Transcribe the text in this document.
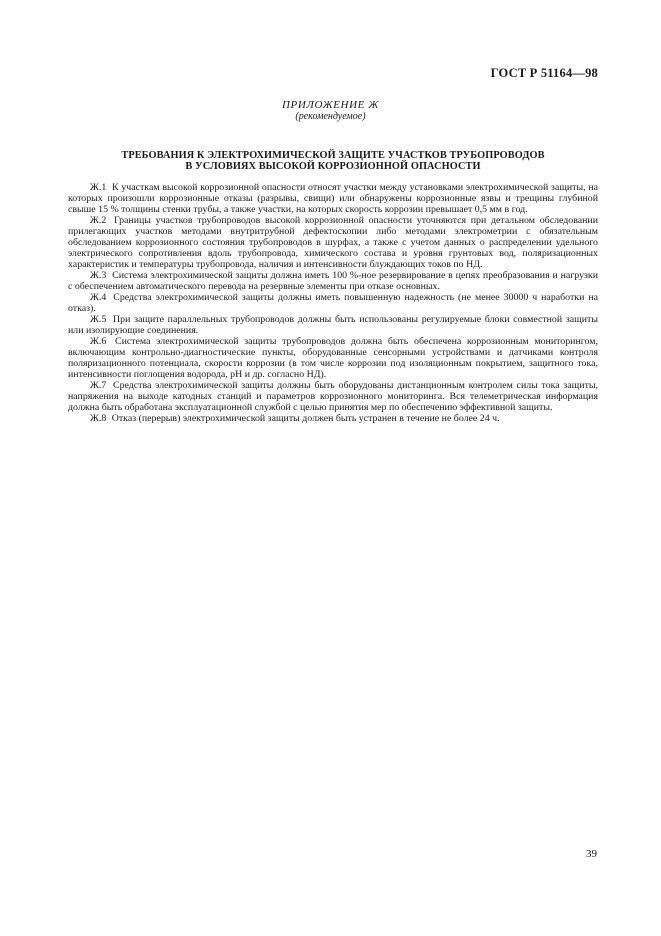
ГОСТ Р 51164—98
ПРИЛОЖЕНИЕ Ж
(рекомендуемое)
ТРЕБОВАНИЯ К ЭЛЕКТРОХИМИЧЕСКОЙ ЗАЩИТЕ УЧАСТКОВ ТРУБОПРОВОДОВ
В УСЛОВИЯХ ВЫСОКОЙ КОРРОЗИОННОЙ ОПАСНОСТИ

Ж.1 К участкам высокой коррозионной опасности относят участки между установками электрохимической защиты, на которых произошли коррозионные отказы (разрывы, свищи) или обнаружены коррозионные язвы и трещины глубиной свыше 15 % толщины стенки трубы, а также участки, на которых скорость коррозии превышает 0,5 мм в год.

Ж.2 Границы участков трубопроводов высокой коррозионной опасности уточняются при детальном обследовании прилегающих участков методами внутритрубной дефектоскопии либо методами электрометрии с обязательным обследованием коррозионного состояния трубопроводов в шурфах, а также с учетом данных о распределении удельного электрического сопротивления вдоль трубопровода, химического состава и уровня грунтовых вод, поляризационных характеристик и температуры трубопровода, наличия и интенсивности блуждающих токов по НД.

Ж.3 Система электрохимической защиты должна иметь 100 %-ное резервирование в цепях преобразования и нагрузки с обеспечением автоматического перевода на резервные элементы при отказе основных.

Ж.4 Средства электрохимической защиты должны иметь повышенную надежность (не менее 30000 ч наработки на отказ).

Ж.5 При защите параллельных трубопроводов должны быть использованы регулируемые блоки совместной защиты или изолирующие соединения.

Ж.6 Система электрохимической защиты трубопроводов должна быть обеспечена коррозионным мониторингом, включающим контрольно-диагностические пункты, оборудованные сенсорными устройствами и датчиками контроля поляризационного потенциала, скорости коррозии (в том числе коррозии под изоляционным покрытием, защитного тока, интенсивности поглощения водорода, pH и др. согласно НД).

Ж.7 Средства электрохимической защиты должны быть оборудованы дистанционным контролем силы тока защиты, напряжения на выходе катодных станций и параметров коррозионного мониторинга. Вся телеметрическая информация должна быть обработана эксплуатационной службой с целью принятия мер по обеспечению эффективной защиты.

Ж.8 Отказ (перерыв) электрохимической защиты должен быть устранен в течение не более 24 ч.

39
